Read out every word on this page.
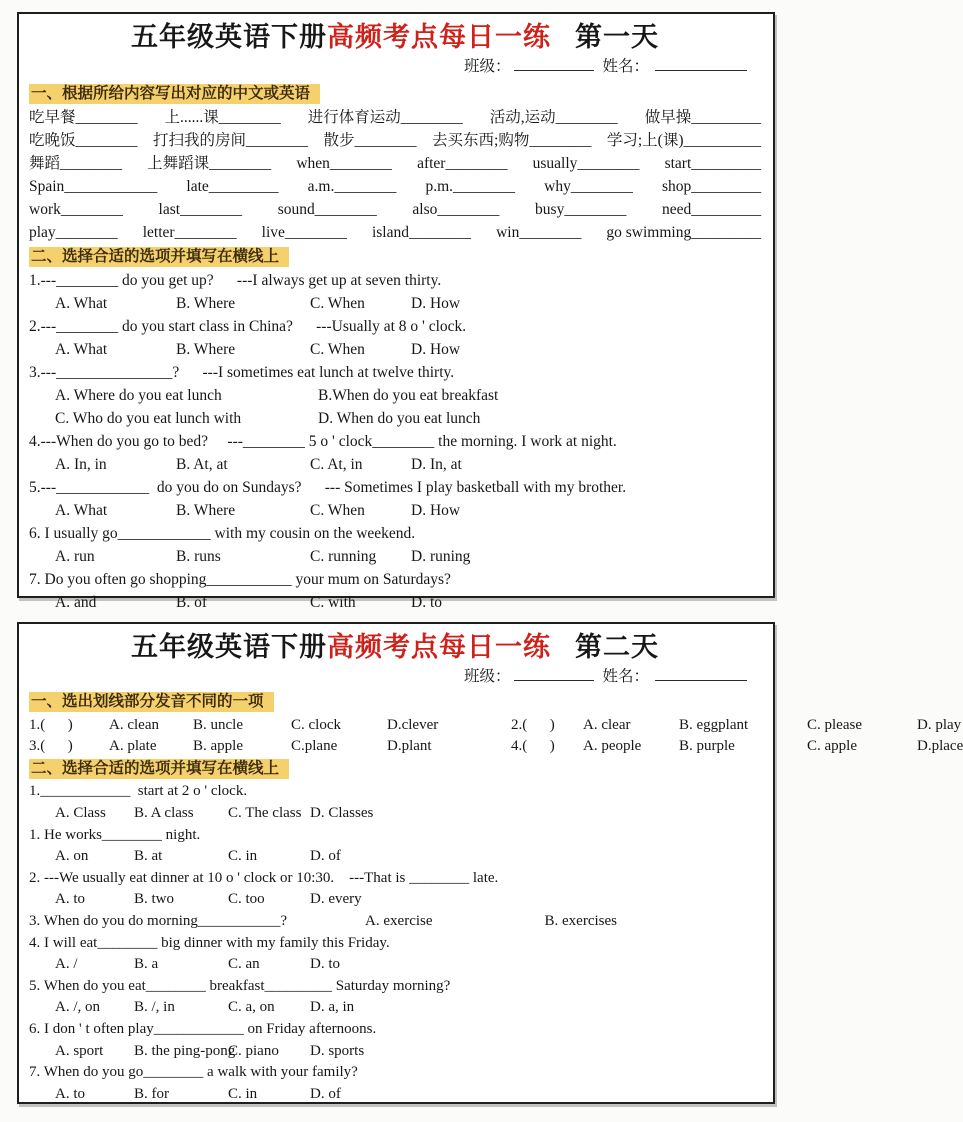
五年级英语下册高频考点每日一练 第一天
班级：	姓名：
一、根据所给内容写出对应的中文或英语
吃早餐________ 上......课________ 进行体育运动________ 活动,运动________ 做早操_________
吃晚饭________ 打扫我的房间________ 散步________ 去买东西;购物________ 学习;上(课)__________
舞蹈________ 上舞蹈课________ when________ after________ usually________ start_________
Spain____________ late_________ a.m.________ p.m.________ why________ shop_________
work________ last________ sound________ also________ busy________ need_________
play________ letter________ live________ island________ win________ go swimming_________
二、选择合适的选项并填写在横线上
1.---________ do you get up?      ---I always get up at seven thirty.
A. What	B. Where	C. When	D. How
2.---________ do you start class in China?      ---Usually at 8 o ' clock.
A. What	B. Where	C. When	D. How
3.---_______________?      ---I sometimes eat lunch at twelve thirty.
A. Where do you eat lunch	B.When do you eat breakfast
C. Who do you eat lunch with	D. When do you eat lunch
4.---When do you go to bed?     ---________ 5 o ' clock________ the morning. I work at night.
A. In, in	B. At, at	C. At, in	D. In, at
5.---____________  do you do on Sundays?      --- Sometimes I play basketball with my brother.
A. What	B. Where	C. When	D. How
6. I usually go____________ with my cousin on the weekend.
A. run	B. runs	C. running	D. runing
7. Do you often go shopping___________ your mum on Saturdays?
A. and	B. of	C. with	D. to
五年级英语下册高频考点每日一练 第二天
班级：	姓名：
一、选出划线部分发音不同的一项
1.(      )	A. clean	B. uncle	C. clock	D.clever	2.(      )	A. clear	B. eggplant	C. please	D. play
3.(      )	A. plate	B. apple	C.plane	D.plant	4.(      )	A. people	B. purple	C. apple	D.place
二、选择合适的选项并填写在横线上
1.____________  start at 2 o ' clock.
A. Class	B. A class	C. The class D. Classes
1. He works________ night.
A. on	B. at	C. in	D. of
2. ---We usually eat dinner at 10 o ' clock or 10:30.    ---That is ________ late.
A. to	B. two	C. too	D. every
3. When do you do morning___________?	A. exercise	B. exercises
4. I will eat________ big dinner with my family this Friday.
A. /	B. a	C. an	D. to
5. When do you eat________ breakfast_________ Saturday morning?
A. /, on	B. /, in	C. a, on	D. a, in
6. I don ' t often play____________ on Friday afternoons.
A. sport	B. the ping-pong
C. piano	D. sports
7. When do you go________ a walk with your family?
A. to	B. for	C. in	D. of
